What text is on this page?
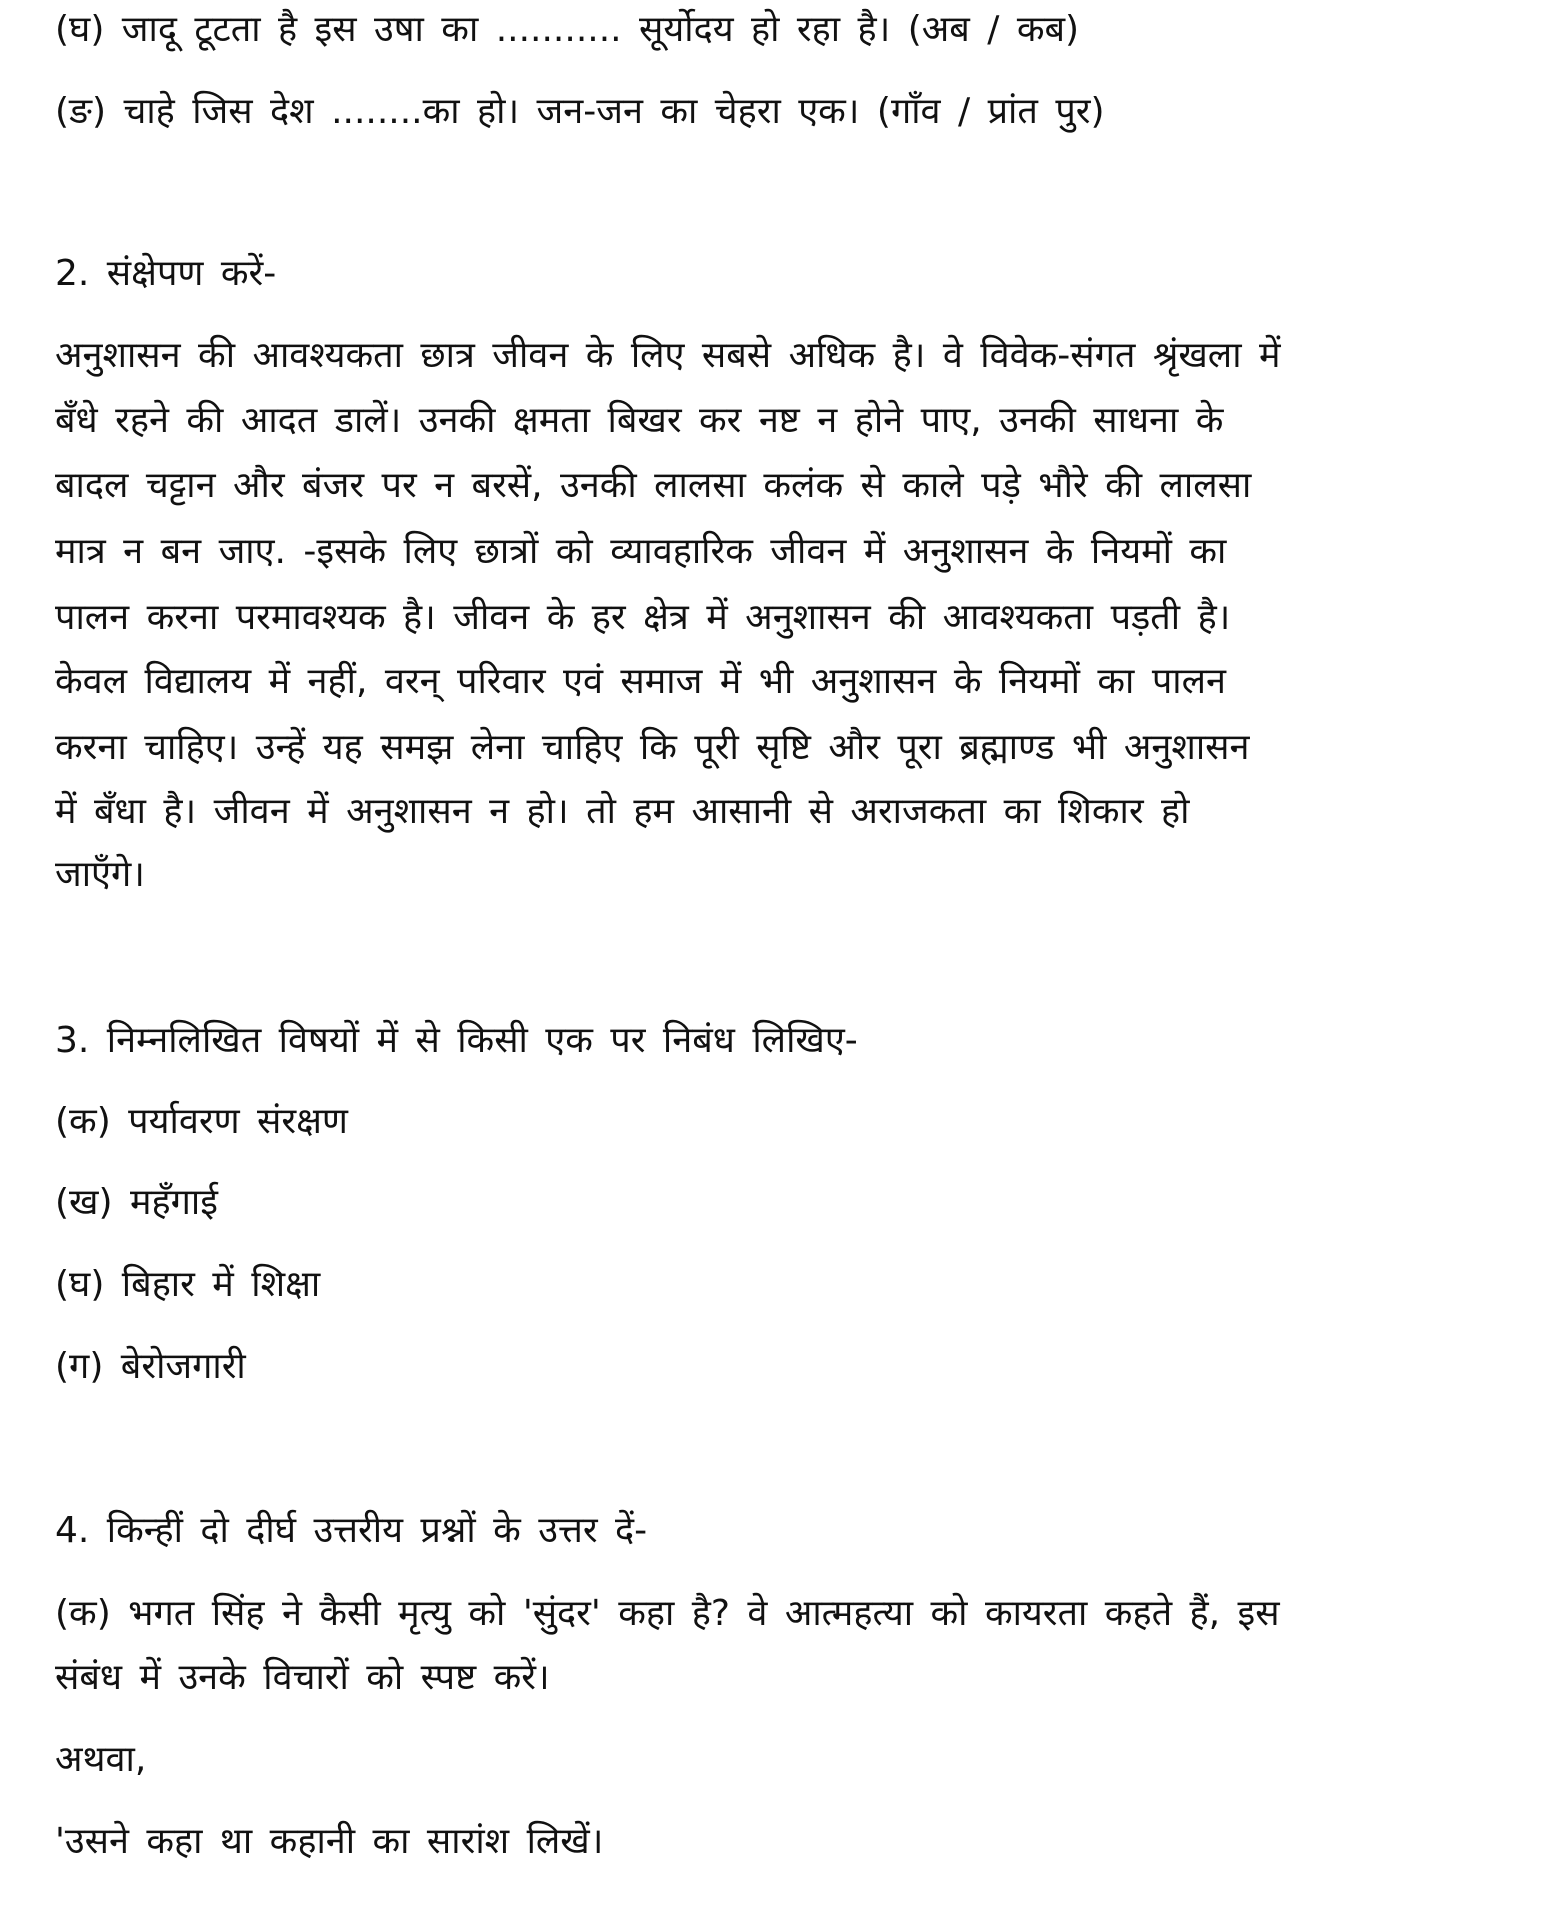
(घ) जादू टूटता है इस उषा का ........... सूर्योदय हो रहा है। (अब / कब)
(ङ) चाहे जिस देश ........का हो। जन-जन का चेहरा एक। (गाँव / प्रांत पुर)
2. संक्षेपण करें-
अनुशासन की आवश्यकता छात्र जीवन के लिए सबसे अधिक है। वे विवेक-संगत श्रृंखला में
बँधे रहने की आदत डालें। उनकी क्षमता बिखर कर नष्ट न होने पाए, उनकी साधना के
बादल चट्टान और बंजर पर न बरसें, उनकी लालसा कलंक से काले पड़े भौरे की लालसा
मात्र न बन जाए. -इसके लिए छात्रों को व्यावहारिक जीवन में अनुशासन के नियमों का
पालन करना परमावश्यक है। जीवन के हर क्षेत्र में अनुशासन की आवश्यकता पड़ती है।
केवल विद्यालय में नहीं, वरन् परिवार एवं समाज में भी अनुशासन के नियमों का पालन
करना चाहिए। उन्हें यह समझ लेना चाहिए कि पूरी सृष्टि और पूरा ब्रह्माण्ड भी अनुशासन
में बँधा है। जीवन में अनुशासन न हो। तो हम आसानी से अराजकता का शिकार हो
जाएँगे।
3. निम्नलिखित विषयों में से किसी एक पर निबंध लिखिए-
(क) पर्यावरण संरक्षण
(ख) महँगाई
(घ) बिहार में शिक्षा
(ग) बेरोजगारी
4. किन्हीं दो दीर्घ उत्तरीय प्रश्नों के उत्तर दें-
(क) भगत सिंह ने कैसी मृत्यु को 'सुंदर' कहा है? वे आत्महत्या को कायरता कहते हैं, इस
संबंध में उनके विचारों को स्पष्ट करें।
अथवा,
'उसने कहा था कहानी का सारांश लिखें।
